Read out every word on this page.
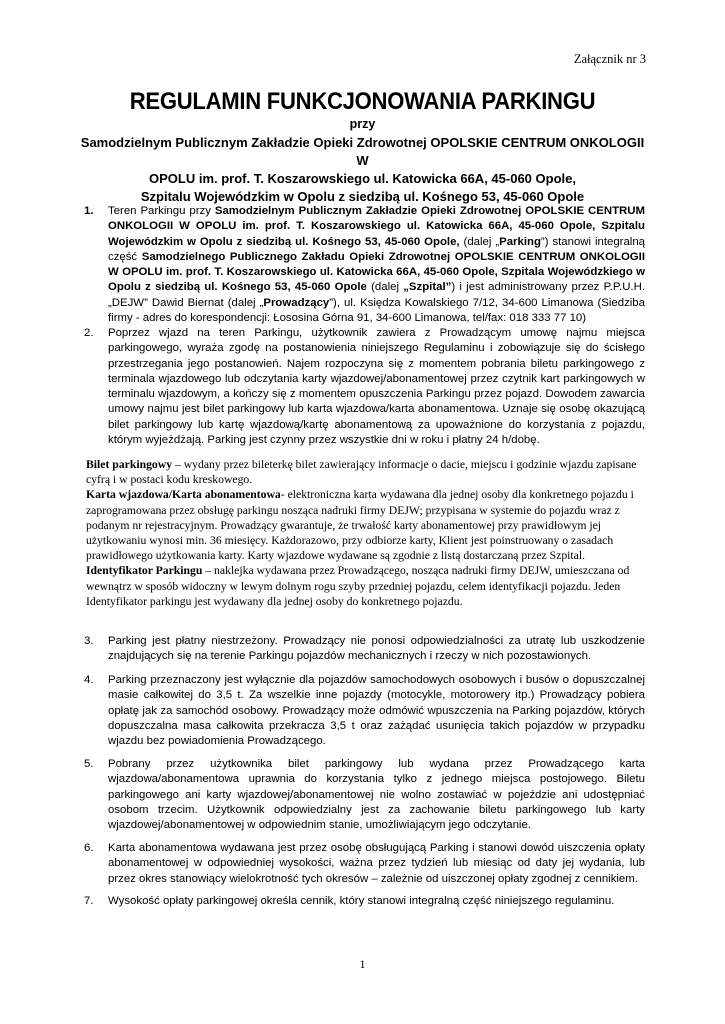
Załącznik nr 3
REGULAMIN FUNKCJONOWANIA PARKINGU
przy
Samodzielnym Publicznym Zakładzie Opieki Zdrowotnej OPOLSKIE CENTRUM ONKOLOGII W
OPOLU im. prof. T. Koszarowskiego ul. Katowicka 66A, 45-060 Opole,
Szpitalu Wojewódzkim w Opolu z siedzibą ul. Kośnego 53, 45-060 Opole
1. Teren Parkingu przy Samodzielnym Publicznym Zakładzie Opieki Zdrowotnej OPOLSKIE CENTRUM ONKOLOGII W OPOLU im. prof. T. Koszarowskiego ul. Katowicka 66A, 45-060 Opole, Szpitalu Wojewódzkim w Opolu z siedzibą ul. Kośnego 53, 45-060 Opole, (dalej „Parking”) stanowi integralną część Samodzielnego Publicznego Zakładu Opieki Zdrowotnej OPOLSKIE CENTRUM ONKOLOGII W OPOLU im. prof. T. Koszarowskiego ul. Katowicka 66A, 45-060 Opole, Szpitala Wojewódzkiego w Opolu z siedzibą ul. Kośnego 53, 45-060 Opole (dalej „Szpital”) i jest administrowany przez P.P.U.H. „DEJW” Dawid Biernat (dalej „Prowadzący”), ul. Księdza Kowalskiego 7/12, 34-600 Limanowa (Siedziba firmy - adres do korespondencji: Łososina Górna 91, 34-600 Limanowa, tel/fax: 018 333 77 10)
2. Poprzez wjazd na teren Parkingu, użytkownik zawiera z Prowadzącym umowę najmu miejsca parkingowego, wyraża zgodę na postanowienia niniejszego Regulaminu i zobowiązuje się do ścisłego przestrzegania jego postanowień. Najem rozpoczyna się z momentem pobrania biletu parkingowego z terminala wjazdowego lub odczytania karty wjazdowej/abonamentowej przez czytnik kart parkingowych w terminalu wjazdowym, a kończy się z momentem opuszczenia Parkingu przez pojazd. Dowodem zawarcia umowy najmu jest bilet parkingowy lub karta wjazdowa/karta abonamentowa. Uznaje się osobę okazującą bilet parkingowy lub kartę wjazdową/kartę abonamentową za upoważnione do korzystania z pojazdu, którym wyjeżdżają. Parking jest czynny przez wszystkie dni w roku i płatny 24 h/dobę.
Bilet parkingowy – wydany przez bileterkę bilet zawierający informacje o dacie, miejscu i godzinie wjazdu zapisane cyfrą i w postaci kodu kreskowego.
Karta wjazdowa/Karta abonamentowa- elektroniczna karta wydawana dla jednej osoby dla konkretnego pojazdu i zaprogramowana przez obsługę parkingu nosząca nadruki firmy DEJW; przypisana w systemie do pojazdu wraz z podanym nr rejestracyjnym. Prowadzący gwarantuje, że trwałość karty abonamentowej przy prawidłowym jej użytkowaniu wynosi min. 36 miesięcy. Każdorazowo, przy odbiorze karty, Klient jest poinstruowany o zasadach prawidłowego użytkowania karty. Karty wjazdowe wydawane są zgodnie z listą dostarczaną przez Szpital.
Identyfikator Parkingu – naklejka wydawana przez Prowadzącego, nosząca nadruki firmy DEJW, umieszczana od wewnątrz w sposób widoczny w lewym dolnym rogu szyby przedniej pojazdu, celem identyfikacji pojazdu. Jeden Identyfikator parkingu jest wydawany dla jednej osoby do konkretnego pojazdu.
3. Parking jest płatny niestrzeżony. Prowadzący nie ponosi odpowiedzialności za utratę lub uszkodzenie znajdujących się na terenie Parkingu pojazdów mechanicznych i rzeczy w nich pozostawionych.
4. Parking przeznaczony jest wyłącznie dla pojazdów samochodowych osobowych i busów o dopuszczalnej masie całkowitej do 3,5 t. Za wszelkie inne pojazdy (motocykle, motorowery itp.) Prowadzący pobiera opłatę jak za samochód osobowy. Prowadzący może odmówić wpuszczenia na Parking pojazdów, których dopuszczalna masa całkowita przekracza 3,5 t oraz zażądać usunięcia takich pojazdów w przypadku wjazdu bez powiadomienia Prowadzącego.
5. Pobrany przez użytkownika bilet parkingowy lub wydana przez Prowadzącego karta wjazdowa/abonamentowa uprawnia do korzystania tylko z jednego miejsca postojowego. Biletu parkingowego ani karty wjazdowej/abonamentowej nie wolno zostawiać w pojeździe ani udostępniać osobom trzecim. Użytkownik odpowiedzialny jest za zachowanie biletu parkingowego lub karty wjazdowej/abonamentowej w odpowiednim stanie, umożliwiającym jego odczytanie.
6. Karta abonamentowa wydawana jest przez osobę obsługującą Parking i stanowi dowód uiszczenia opłaty abonamentowej w odpowiedniej wysokości, ważna przez tydzień lub miesiąc od daty jej wydania, lub przez okres stanowiący wielokrotność tych okresów – zależnie od uiszczonej opłaty zgodnej z cennikiem.
7. Wysokość opłaty parkingowej określa cennik, który stanowi integralną część niniejszego regulaminu.
1
